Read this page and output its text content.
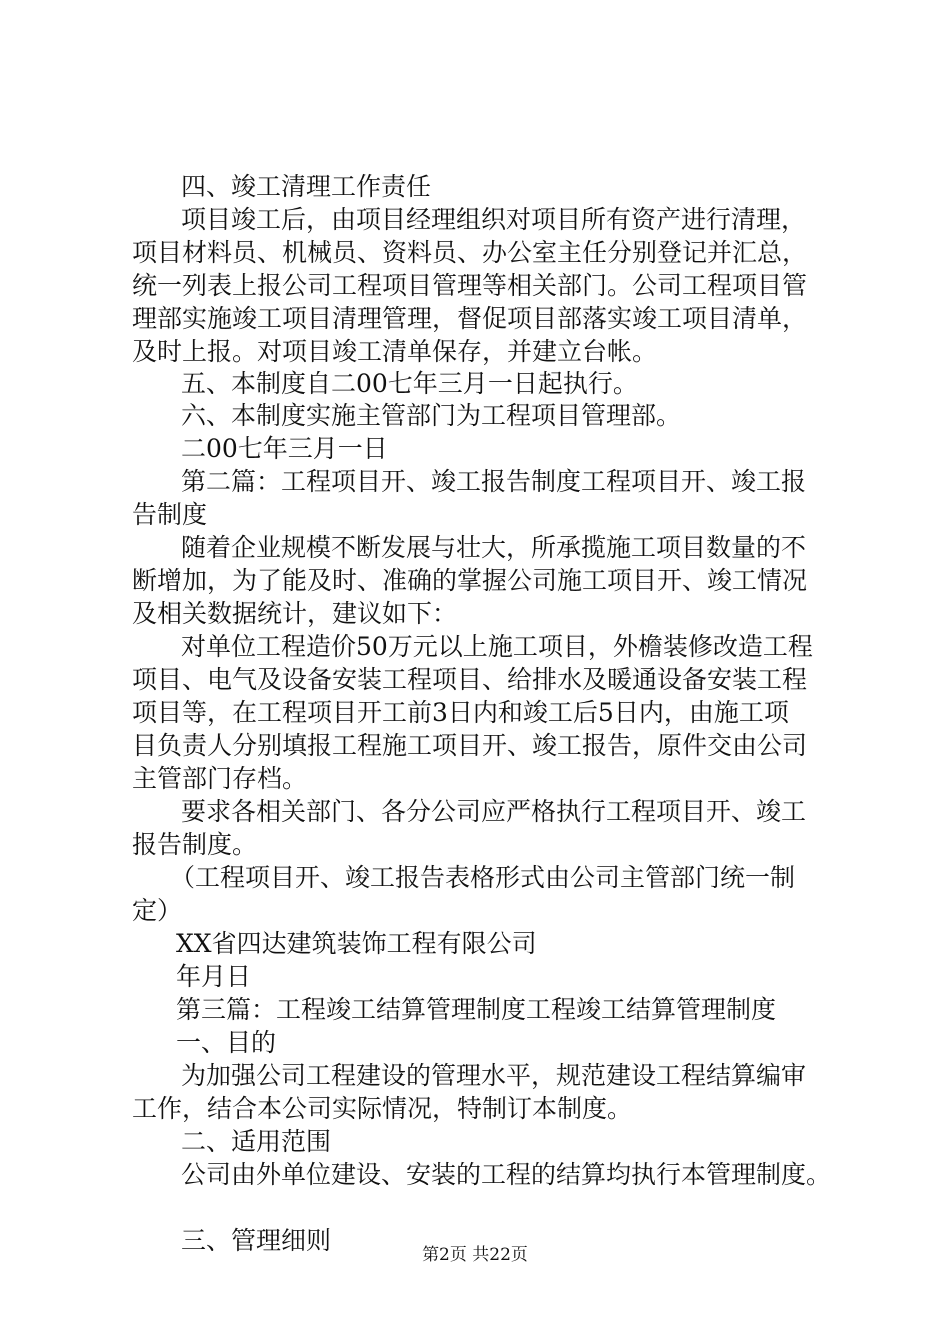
四、竣工清理工作责任
项目竣工后，由项目经理组织对项目所有资产进行清理，
项目材料员、机械员、资料员、办公室主任分别登记并汇总，
统一列表上报公司工程项目管理等相关部门。公司工程项目管
理部实施竣工项目清理管理，督促项目部落实竣工项目清单，
及时上报。对项目竣工清单保存，并建立台帐。
五、本制度自二00七年三月一日起执行。
六、本制度实施主管部门为工程项目管理部。
二00七年三月一日
第二篇：工程项目开、竣工报告制度工程项目开、竣工报
告制度
随着企业规模不断发展与壮大，所承揽施工项目数量的不
断增加，为了能及时、准确的掌握公司施工项目开、竣工情况
及相关数据统计，建议如下：
对单位工程造价50万元以上施工项目，外檐装修改造工程
项目、电气及设备安装工程项目、给排水及暖通设备安装工程
项目等，在工程项目开工前3日内和竣工后5日内，由施工项
目负责人分别填报工程施工项目开、竣工报告，原件交由公司
主管部门存档。
要求各相关部门、各分公司应严格执行工程项目开、竣工
报告制度。
（工程项目开、竣工报告表格形式由公司主管部门统一制
定）
XX省四达建筑装饰工程有限公司
年月日
第三篇：工程竣工结算管理制度工程竣工结算管理制度
一、目的
为加强公司工程建设的管理水平，规范建设工程结算编审
工作，结合本公司实际情况，特制订本制度。
二、适用范围
公司由外单位建设、安装的工程的结算均执行本管理制度。
三、管理细则	第2页 共22页
